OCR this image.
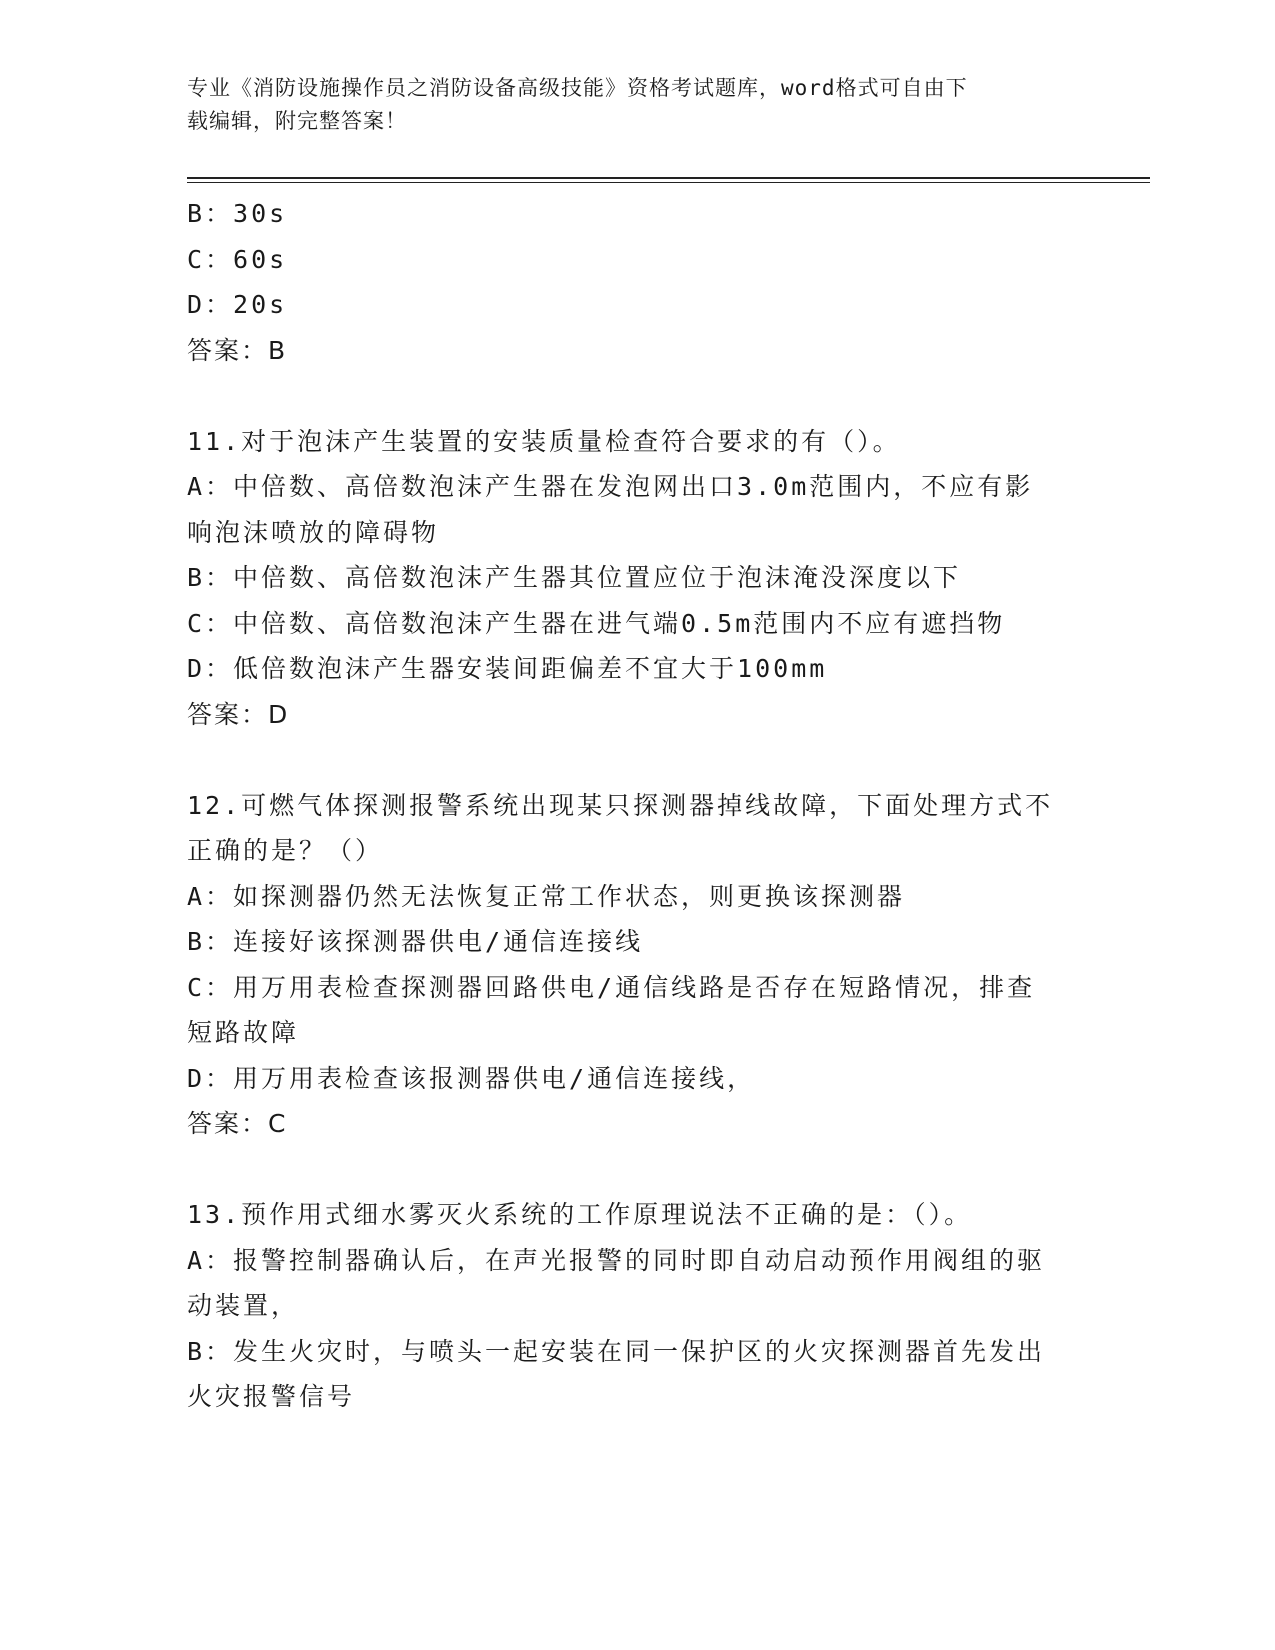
专业《消防设施操作员之消防设备高级技能》资格考试题库，word格式可自由下
载编辑，附完整答案！
B：30s
C：60s
D：20s
答案：B
11.对于泡沫产生装置的安装质量检查符合要求的有（）。
A：中倍数、高倍数泡沫产生器在发泡网出口3.0m范围内，不应有影
响泡沫喷放的障碍物
B：中倍数、高倍数泡沫产生器其位置应位于泡沫淹没深度以下
C：中倍数、高倍数泡沫产生器在进气端0.5m范围内不应有遮挡物
D：低倍数泡沫产生器安装间距偏差不宜大于100mm
答案：D
12.可燃气体探测报警系统出现某只探测器掉线故障，下面处理方式不
正确的是？（）
A：如探测器仍然无法恢复正常工作状态，则更换该探测器
B：连接好该探测器供电/通信连接线
C：用万用表检查探测器回路供电/通信线路是否存在短路情况，排查
短路故障
D：用万用表检查该报测器供电/通信连接线，
答案：C
13.预作用式细水雾灭火系统的工作原理说法不正确的是：（）。
A：报警控制器确认后，在声光报警的同时即自动启动预作用阀组的驱
动装置，
B：发生火灾时，与喷头一起安装在同一保护区的火灾探测器首先发出
火灾报警信号
